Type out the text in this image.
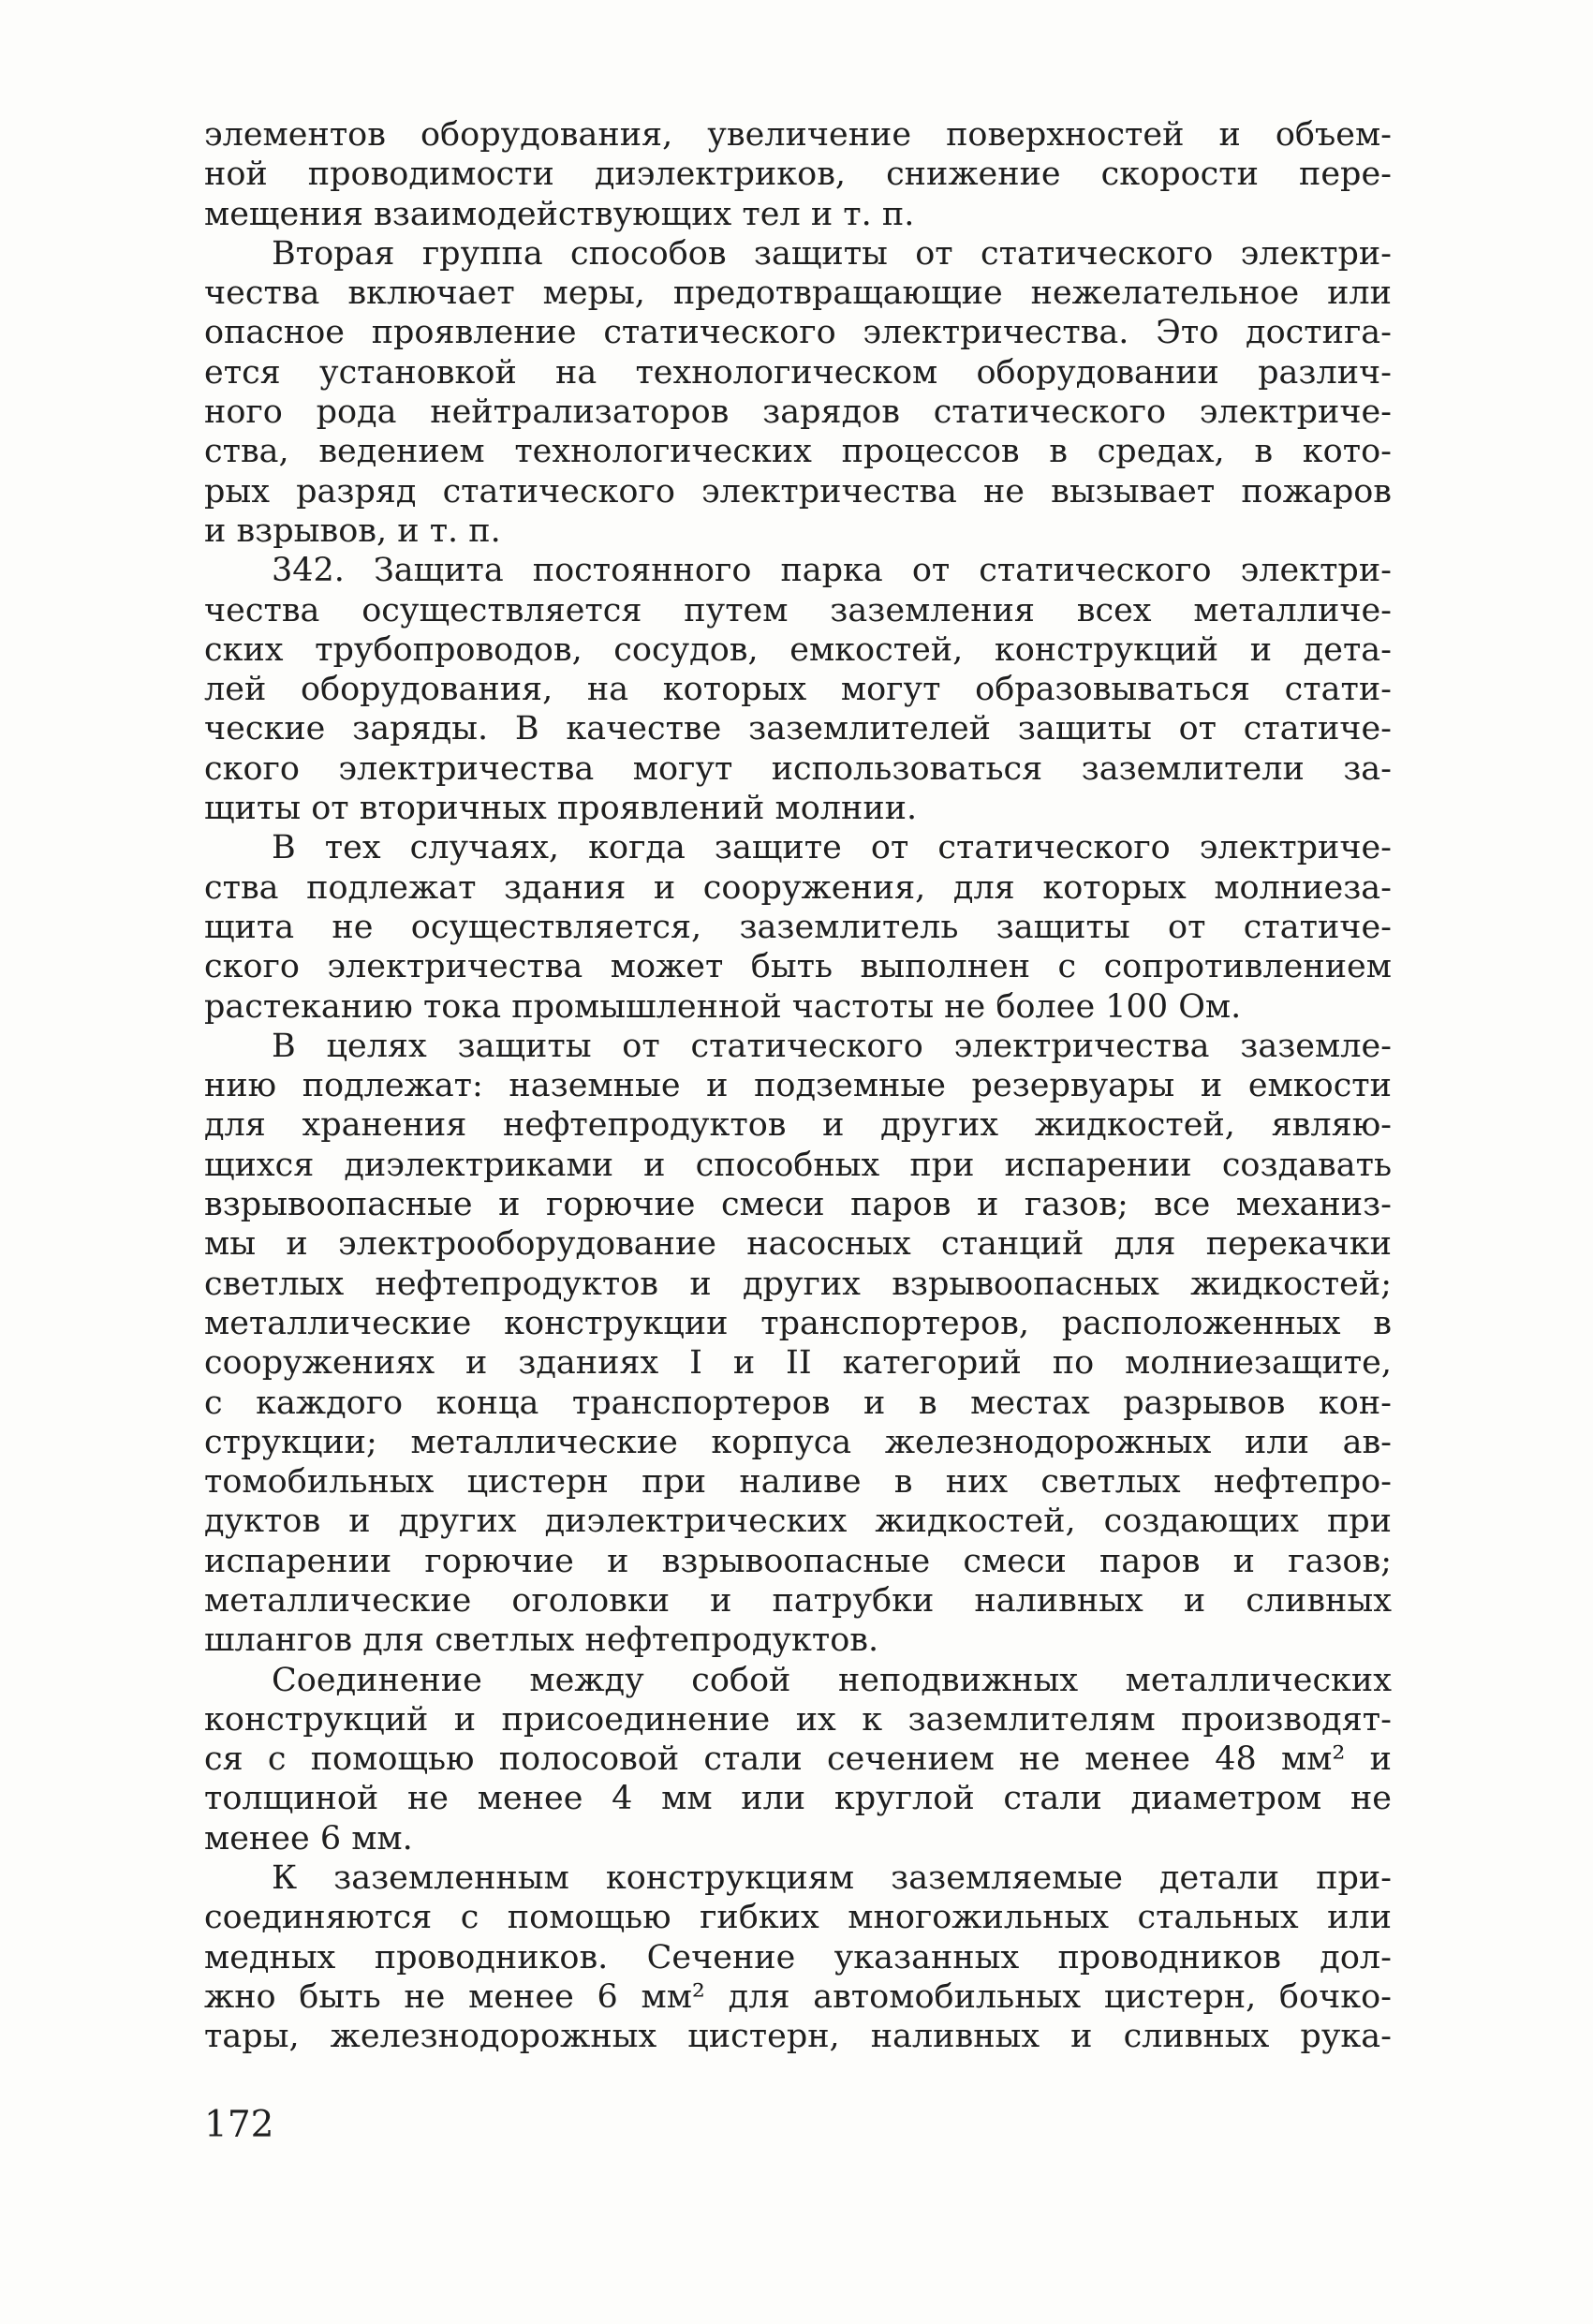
элементов оборудования, увеличение поверхностей и объем-
ной проводимости диэлектриков, снижение скорости пере-
мещения взаимодействующих тел и т. п.
Вторая группа способов защиты от статического электри-
чества включает меры, предотвращающие нежелательное или
опасное проявление статического электричества. Это достига-
ется установкой на технологическом оборудовании различ-
ного рода нейтрализаторов зарядов статического электриче-
ства, ведением технологических процессов в средах, в кото-
рых разряд статического электричества не вызывает пожаров
и взрывов, и т. п.
342. Защита постоянного парка от статического электри-
чества осуществляется путем заземления всех металличе-
ских трубопроводов, сосудов, емкостей, конструкций и дета-
лей оборудования, на которых могут образовываться стати-
ческие заряды. В качестве заземлителей защиты от статиче-
ского электричества могут использоваться заземлители за-
щиты от вторичных проявлений молнии.
В тех случаях, когда защите от статического электриче-
ства подлежат здания и сооружения, для которых молниеза-
щита не осуществляется, заземлитель защиты от статиче-
ского электричества может быть выполнен с сопротивлением
растеканию тока промышленной частоты не более 100 Ом.
В целях защиты от статического электричества заземле-
нию подлежат: наземные и подземные резервуары и емкости
для хранения нефтепродуктов и других жидкостей, являю-
щихся диэлектриками и способных при испарении создавать
взрывоопасные и горючие смеси паров и газов; все механиз-
мы и электрооборудование насосных станций для перекачки
светлых нефтепродуктов и других взрывоопасных жидкостей;
металлические конструкции транспортеров, расположенных в
сооружениях и зданиях I и II категорий по молниезащите,
с каждого конца транспортеров и в местах разрывов кон-
струкции; металлические корпуса железнодорожных или ав-
томобильных цистерн при наливе в них светлых нефтепро-
дуктов и других диэлектрических жидкостей, создающих при
испарении горючие и взрывоопасные смеси паров и газов;
металлические оголовки и патрубки наливных и сливных
шлангов для светлых нефтепродуктов.
Соединение между собой неподвижных металлических
конструкций и присоединение их к заземлителям производят-
ся с помощью полосовой стали сечением не менее 48 мм² и
толщиной не менее 4 мм или круглой стали диаметром не
менее 6 мм.
К заземленным конструкциям заземляемые детали при-
соединяются с помощью гибких многожильных стальных или
медных проводников. Сечение указанных проводников дол-
жно быть не менее 6 мм² для автомобильных цистерн, бочко-
тары, железнодорожных цистерн, наливных и сливных рука-
172
